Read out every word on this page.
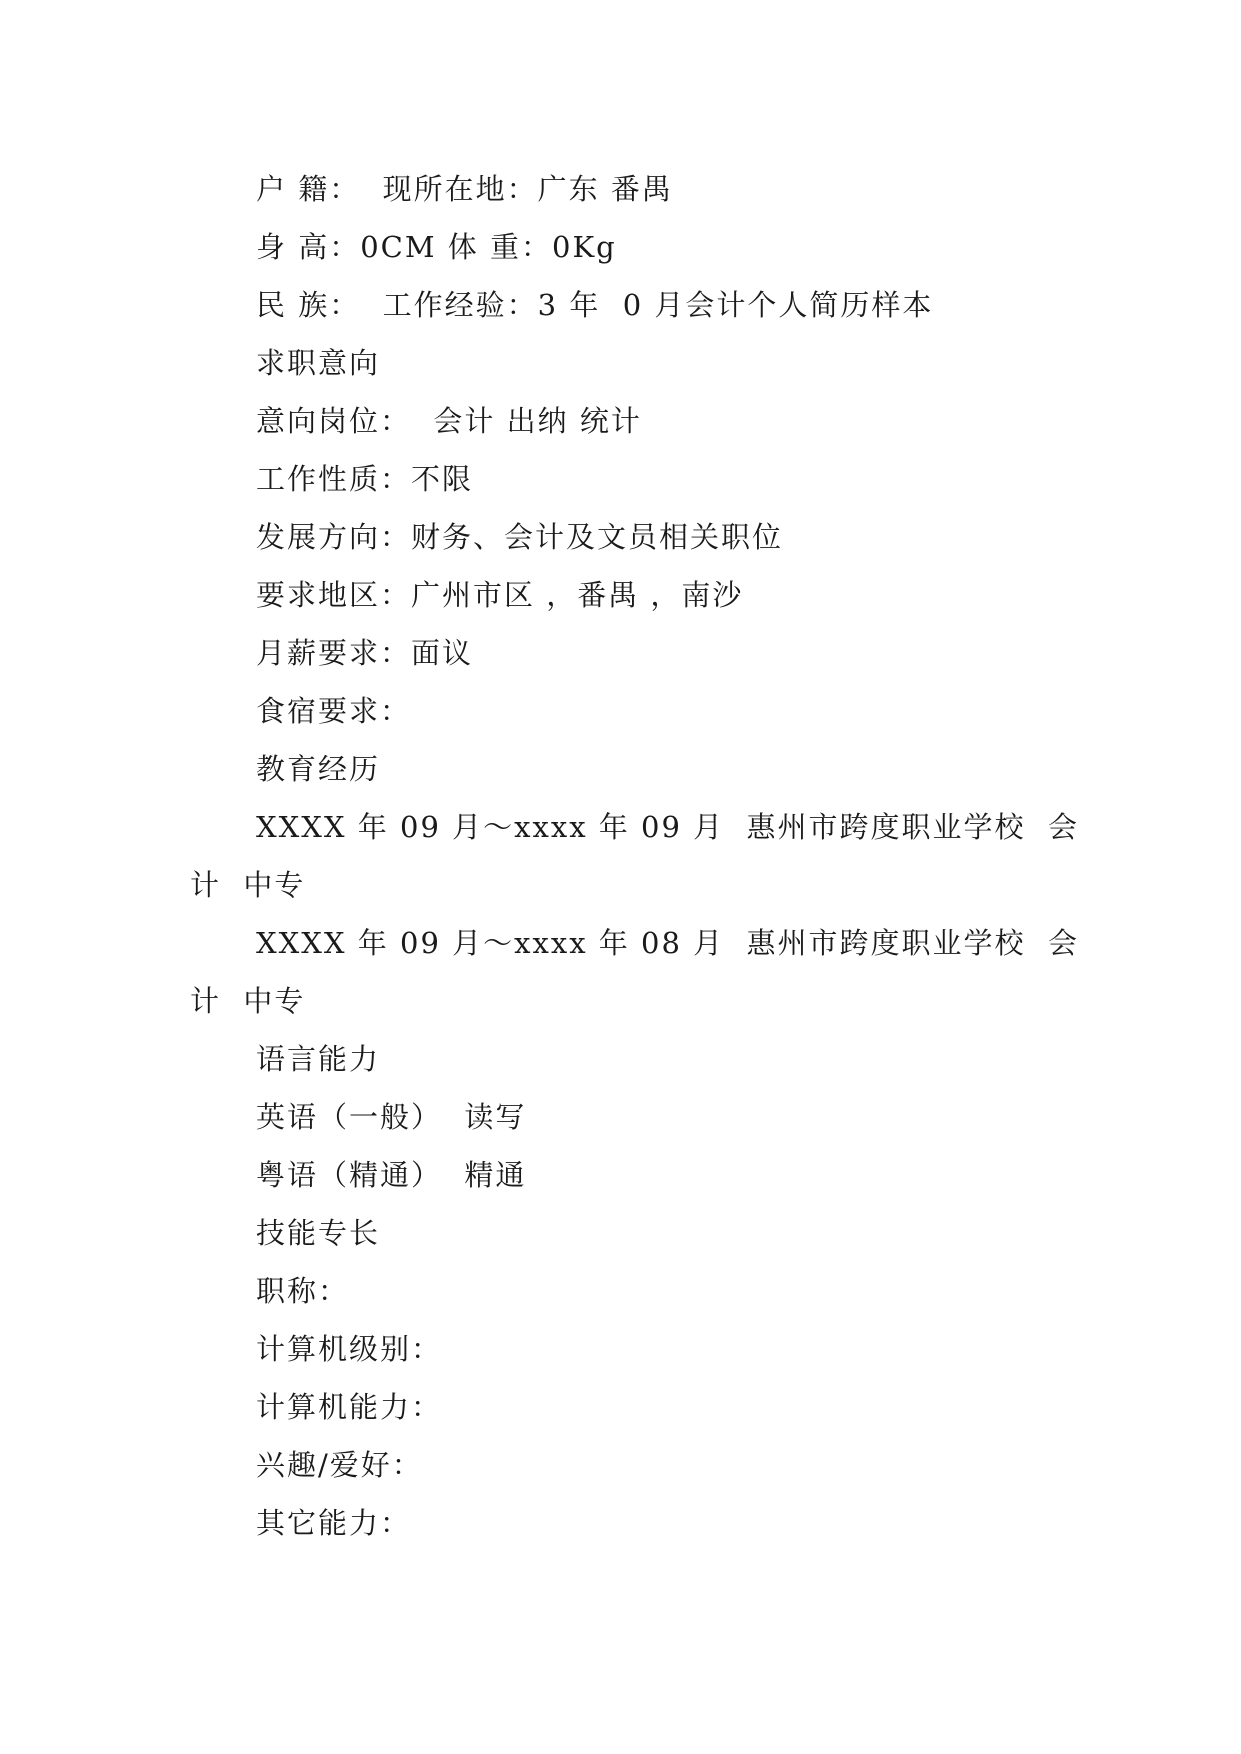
户 籍：  现所在地：广东 番禺
身 高：0CM 体 重：0Kg
民 族：  工作经验：3 年  0 月会计个人简历样本
求职意向
意向岗位：  会计 出纳 统计
工作性质：不限
发展方向：财务、会计及文员相关职位
要求地区：广州市区 ，番禺 ，南沙
月薪要求：面议
食宿要求：
教育经历
XXXX 年 09 月～xxxx 年 09 月  惠州市跨度职业学校  会
计  中专
XXXX 年 09 月～xxxx 年 08 月  惠州市跨度职业学校  会
计  中专
语言能力
英语（一般）  读写
粤语（精通）  精通
技能专长
职称：
计算机级别：
计算机能力：
兴趣/爱好：
其它能力：
